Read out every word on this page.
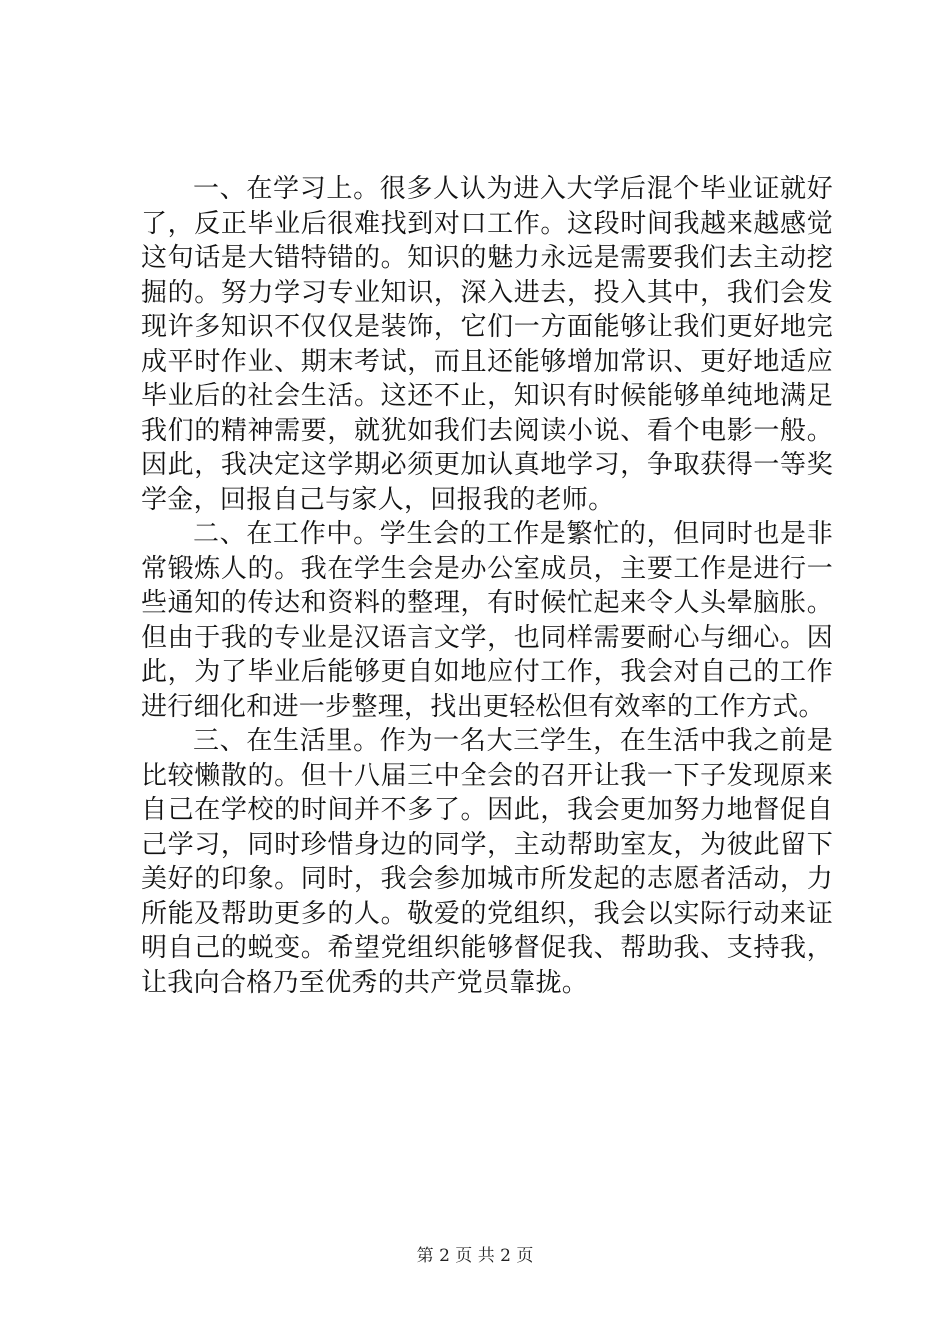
一、在学习上。很多人认为进入大学后混个毕业证就好了，反正毕业后很难找到对口工作。这段时间我越来越感觉这句话是大错特错的。知识的魅力永远是需要我们去主动挖掘的。努力学习专业知识，深入进去，投入其中，我们会发现许多知识不仅仅是装饰，它们一方面能够让我们更好地完成平时作业、期末考试，而且还能够增加常识、更好地适应毕业后的社会生活。这还不止，知识有时候能够单纯地满足我们的精神需要，就犹如我们去阅读小说、看个电影一般。因此，我决定这学期必须更加认真地学习，争取获得一等奖学金，回报自己与家人，回报我的老师。

二、在工作中。学生会的工作是繁忙的，但同时也是非常锻炼人的。我在学生会是办公室成员，主要工作是进行一些通知的传达和资料的整理，有时候忙起来令人头晕脑胀。但由于我的专业是汉语言文学，也同样需要耐心与细心。因此，为了毕业后能够更自如地应付工作，我会对自己的工作进行细化和进一步整理，找出更轻松但有效率的工作方式。

三、在生活里。作为一名大三学生，在生活中我之前是比较懒散的。但十八届三中全会的召开让我一下子发现原来自己在学校的时间并不多了。因此，我会更加努力地督促自己学习，同时珍惜身边的同学，主动帮助室友，为彼此留下美好的印象。同时，我会参加城市所发起的志愿者活动，力所能及帮助更多的人。敬爱的党组织，我会以实际行动来证明自己的蜕变。希望党组织能够督促我、帮助我、支持我，让我向合格乃至优秀的共产党员靠拢。

第 2 页 共 2 页
